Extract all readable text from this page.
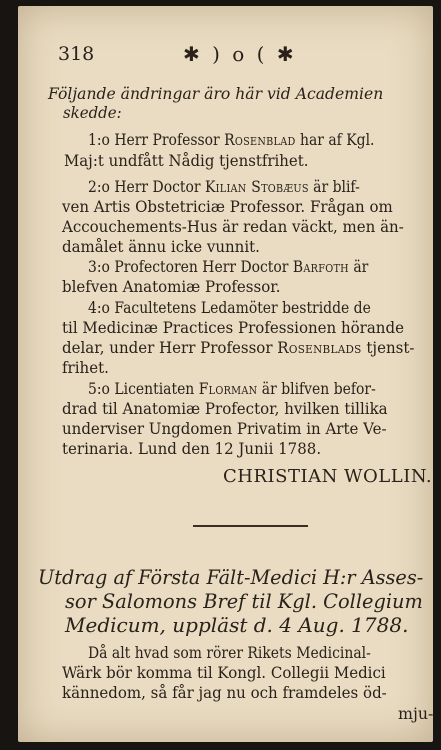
318	✱ ) o ( ✱

Följande ändringar äro här vid Academien

skedde:

1:o Herr Professor Rosenblad har af Kgl.

Maj:t undfått Nådig tjenstfrihet.

2:o Herr Doctor Kilian Stobæus är blif-

ven Artis Obstetriciæ Professor. Frågan om

Accouchements-Hus är redan väckt, men än-

damålet ännu icke vunnit.

3:o Profectoren Herr Doctor Barfoth är

blefven Anatomiæ Professor.

4:o Facultetens Ledamöter bestridde de

til Medicinæ Practices Professionen hörande

delar, under Herr Professor Rosenblads tjenst-

frihet.

5:o Licentiaten Florman är blifven befor-

drad til Anatomiæ Profector, hvilken tillika

underviser Ungdomen Privatim in Arte Ve-

terinaria. Lund den 12 Junii 1788.

CHRISTIAN WOLLIN.
Utdrag af Första Fält-Medici H:r Asses-
sor Salomons Bref til Kgl. Collegium
Medicum, uppläst d. 4 Aug. 1788.

Då alt hvad som rörer Rikets Medicinal-

Wärk bör komma til Kongl. Collegii Medici

kännedom, så får jag nu och framdeles öd-

mju-
